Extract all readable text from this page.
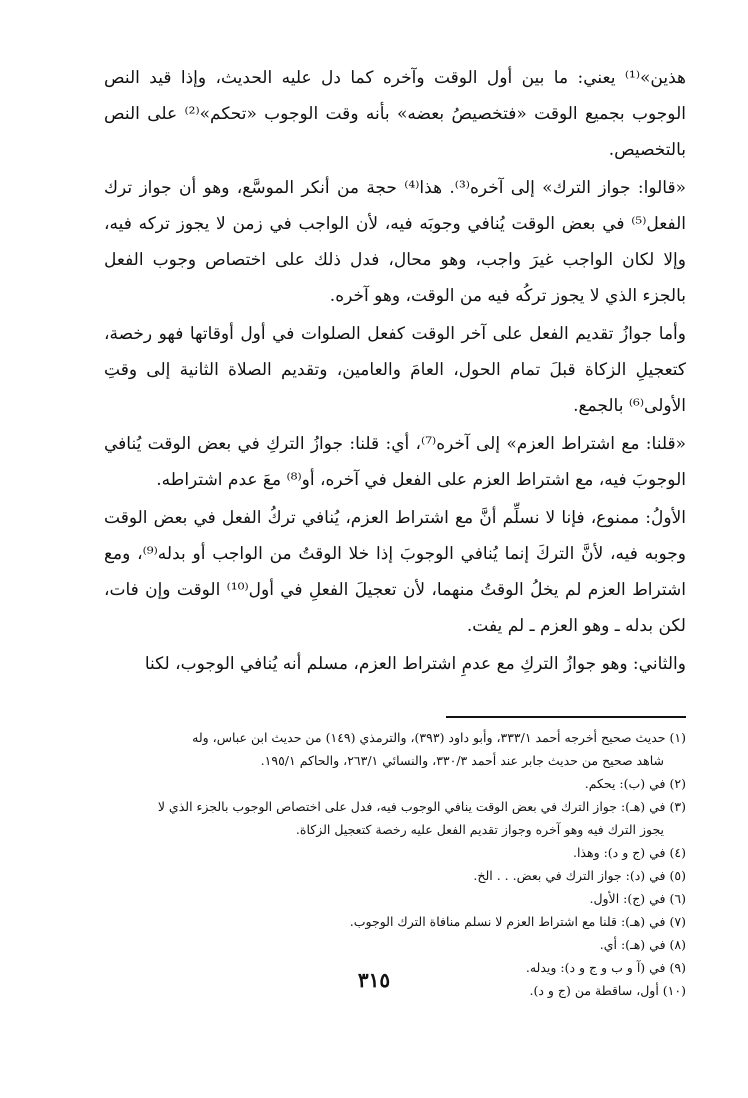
هذين»⁽¹⁾ يعني: ما بين أول الوقت وآخره كما دل عليه الحديث، وإذا قيد النص الوجوب بجميع الوقت «فتخصيصُ بعضه» بأنه وقت الوجوب «تحكم»⁽²⁾ على النص بالتخصيص.

«قالوا: جواز الترك» إلى آخره⁽³⁾. هذا⁽⁴⁾ حجة من أنكر الموسَّع، وهو أن جواز ترك الفعل⁽⁵⁾ في بعض الوقت يُنافي وجوبَه فيه، لأن الواجب في زمن لا يجوز تركه فيه، وإلا لكان الواجب غيرَ واجب، وهو محال، فدل ذلك على اختصاص وجوب الفعل بالجزء الذي لا يجوز تركُه فيه من الوقت، وهو آخره.

وأما جوازُ تقديم الفعل على آخر الوقت كفعل الصلوات في أول أوقاتها فهو رخصة، كتعجيلِ الزكاة قبلَ تمام الحول، العامَ والعامين، وتقديم الصلاة الثانية إلى وقتِ الأولى⁽⁶⁾ بالجمع.

«قلنا: مع اشتراط العزم» إلى آخره⁽⁷⁾، أي: قلنا: جوازُ التركِ في بعض الوقت يُنافي الوجوبَ فيه، مع اشتراط العزم على الفعل في آخره، أو⁽⁸⁾ معَ عدم اشتراطه.

الأولُ: ممنوع، فإنا لا نسلِّم أنَّ مع اشتراط العزم، يُنافي تركُ الفعل في بعض الوقت وجوبه فيه، لأنَّ التركَ إنما يُنافي الوجوبَ إذا خلا الوقتُ من الواجب أو بدله⁽⁹⁾، ومع اشتراط العزم لم يخلُ الوقتُ منهما، لأن تعجيلَ الفعلِ في أول⁽¹⁰⁾ الوقت وإن فات، لكن بدله ـ وهو العزم ـ لم يفت.

والثاني: وهو جوازُ التركِ مع عدمِ اشتراط العزم، مسلم أنه يُنافي الوجوب، لكنا

(١) حديث صحيح أخرجه أحمد ٣٣٣/١، وأبو داود (٣٩٣)، والترمذي (١٤٩) من حديث ابن عباس، وله
شاهد صحيح من حديث جابر عند أحمد ٣٣٠/٣، والنسائي ٢٦٣/١، والحاكم ١٩٥/١.
(٢) في (ب): يحكم.
(٣) في (هـ): جواز الترك في بعض الوقت ينافي الوجوب فيه، فدل على اختصاص الوجوب بالجزء الذي لا
يجوز الترك فيه وهو آخره وجواز تقديم الفعل عليه رخصة كتعجيل الزكاة.
(٤) في (ج و د): وهذا.
(٥) في (د): جواز الترك في بعض. . . الخ.
(٦) في (ج): الأول.
(٧) في (هـ): قلنا مع اشتراط العزم لا نسلم منافاة الترك الوجوب.
(٨) في (هـ): أي.
(٩) في (آ و ب و ج و د): ويدله.
(١٠) أول، ساقطة من (ج و د).
٣١٥
